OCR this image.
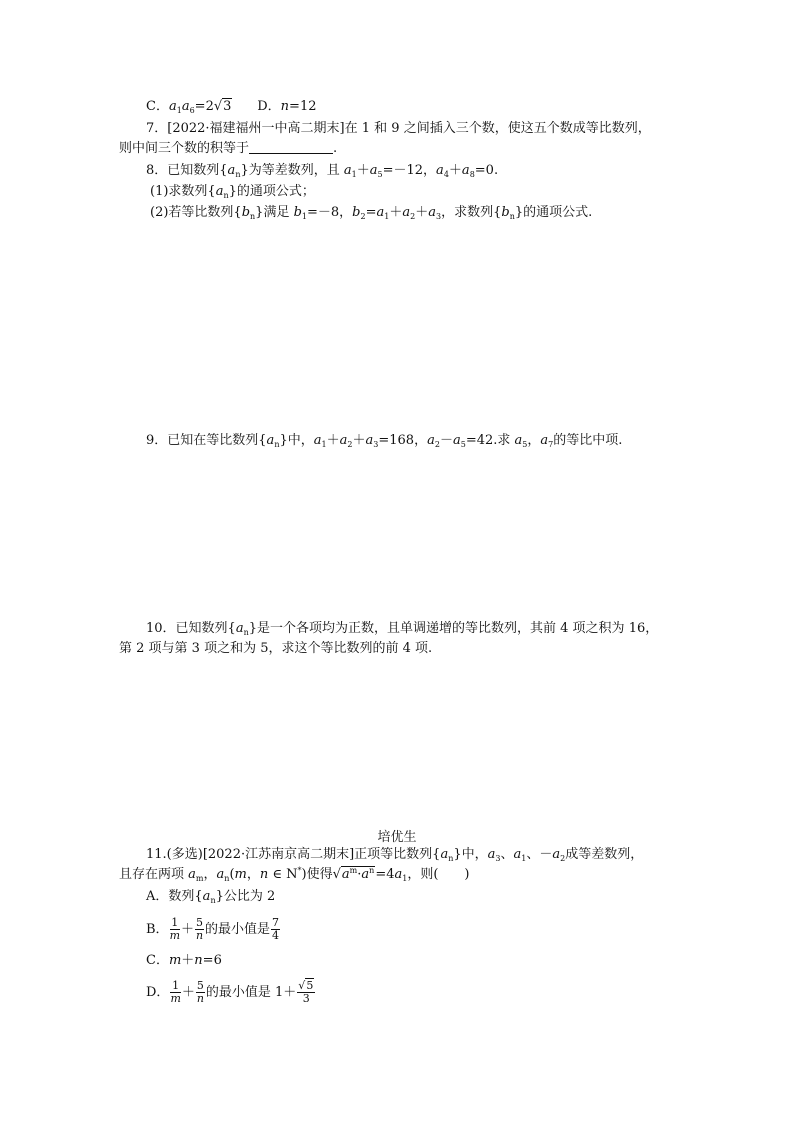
C．$a_1a_6=2√3$ D．n=12
7．[2022·福建福州一中高二期末]在 1 和 9 之间插入三个数，使这五个数成等比数列，
则中间三个数的积等于	.
8．已知数列$\{a_n\}$为等差数列，且 $a_1+a_5=-12$，$a_4+a_8=0$.
(1)求数列$\{a_n\}$的通项公式；
(2)若等比数列$\{b_n\}$满足 $b_1=-8$，$b_2=a_1+a_2+a_3$，求数列$\{b_n\}$的通项公式.
9．已知在等比数列$\{a_n\}$中，$a_1+a_2+a_3=168$，$a_2-a_5=42$.求 $a_5$，$a_7$的等比中项.
10．已知数列$\{a_n\}$是一个各项均为正数，且单调递增的等比数列，其前 4 项之积为 16，
第 2 项与第 3 项之和为 5，求这个等比数列的前 4 项.
培优生
11.(多选)[2022·江苏南京高二期末]正项等比数列$\{a_n\}$中，$a_3$、$a_1$、$-a_2$成等差数列，
且存在两项 $a_m$，$a_n(m$，n ∈ N*)使得$√a^m\cdot a^n=4a_1$，则(　　)
A．数列$\{a_n\}$公比为 2
B． $\frac{1}{m} + \frac{5}{n}$ 的最小值是 $\frac{7}{4}$
C．m＋n=6
D． $\frac{1}{m} + \frac{5}{n}$ 的最小值是 $1+ \frac{√5}{3}$
